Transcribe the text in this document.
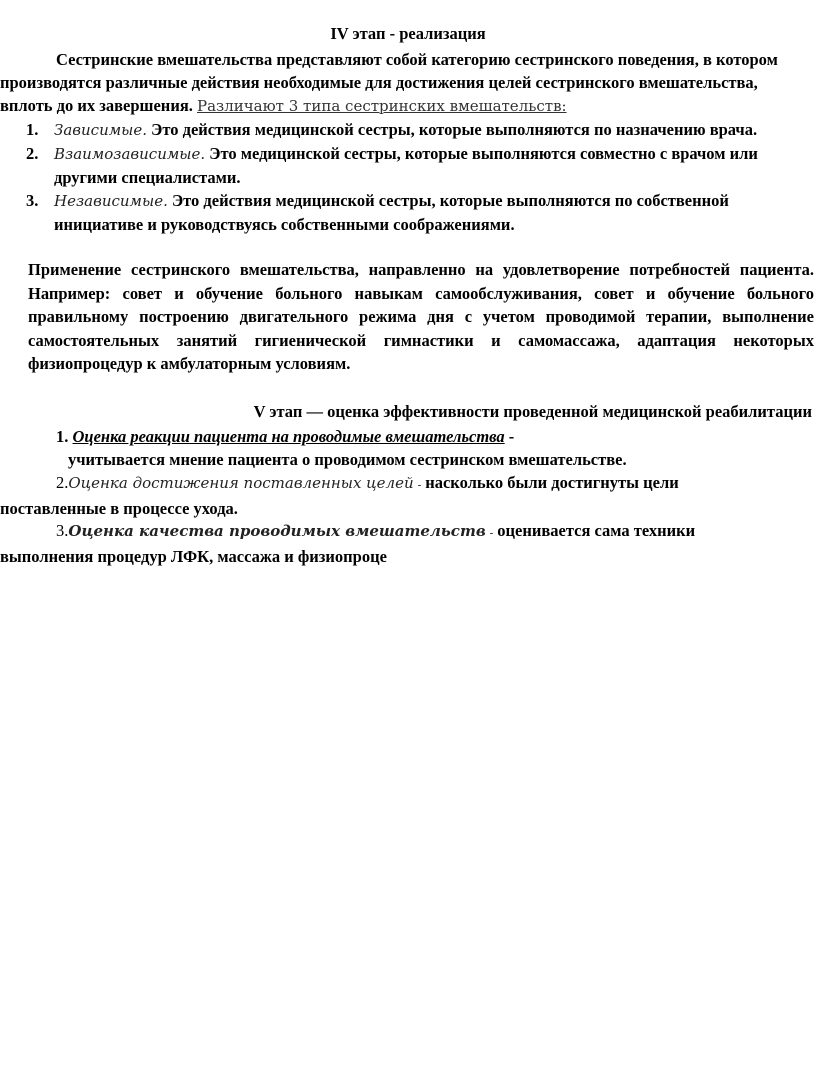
IV этап - реализация

Сестринские вмешательства представляют собой категорию сестринского поведения, в котором производятся различные действия необходимые для достижения целей сестринского вмешательства, вплоть до их завершения. Различают 3 типа сестринских вмешательств:

1. Зависимые. Это действия медицинской сестры, которые выполняются по назначению врача.
2. Взаимозависимые. Это медицинской сестры, которые выполняются совместно с врачом или другими специалистами.
3. Независимые. Это действия медицинской сестры, которые выполняются по собственной инициативе и руководствуясь собственными соображениями.

Применение сестринского вмешательства, направленно на удовлетворение потребностей пациента. Например: совет и обучение больного навыкам самообслуживания, совет и обучение больного правильному построению двигательного режима дня с учетом проводимой терапии, выполнение самостоятельных занятий гигиенической гимнастики и самомассажа, адаптация некоторых физиопроцедур к амбулаторным условиям.

V этап — оценка эффективности проведенной медицинской реабилитации

1. Оценка реакции пациента на проводимые вмешательства -

учитывается мнение пациента о проводимом сестринском вмешательстве.

2.Оценка достижения поставленных целей - насколько были достигнуты цели поставленные в процессе ухода.

3.Оценка качества проводимых вмешательств - оценивается сама техники выполнения процедур ЛФК, массажа и физиопроце
